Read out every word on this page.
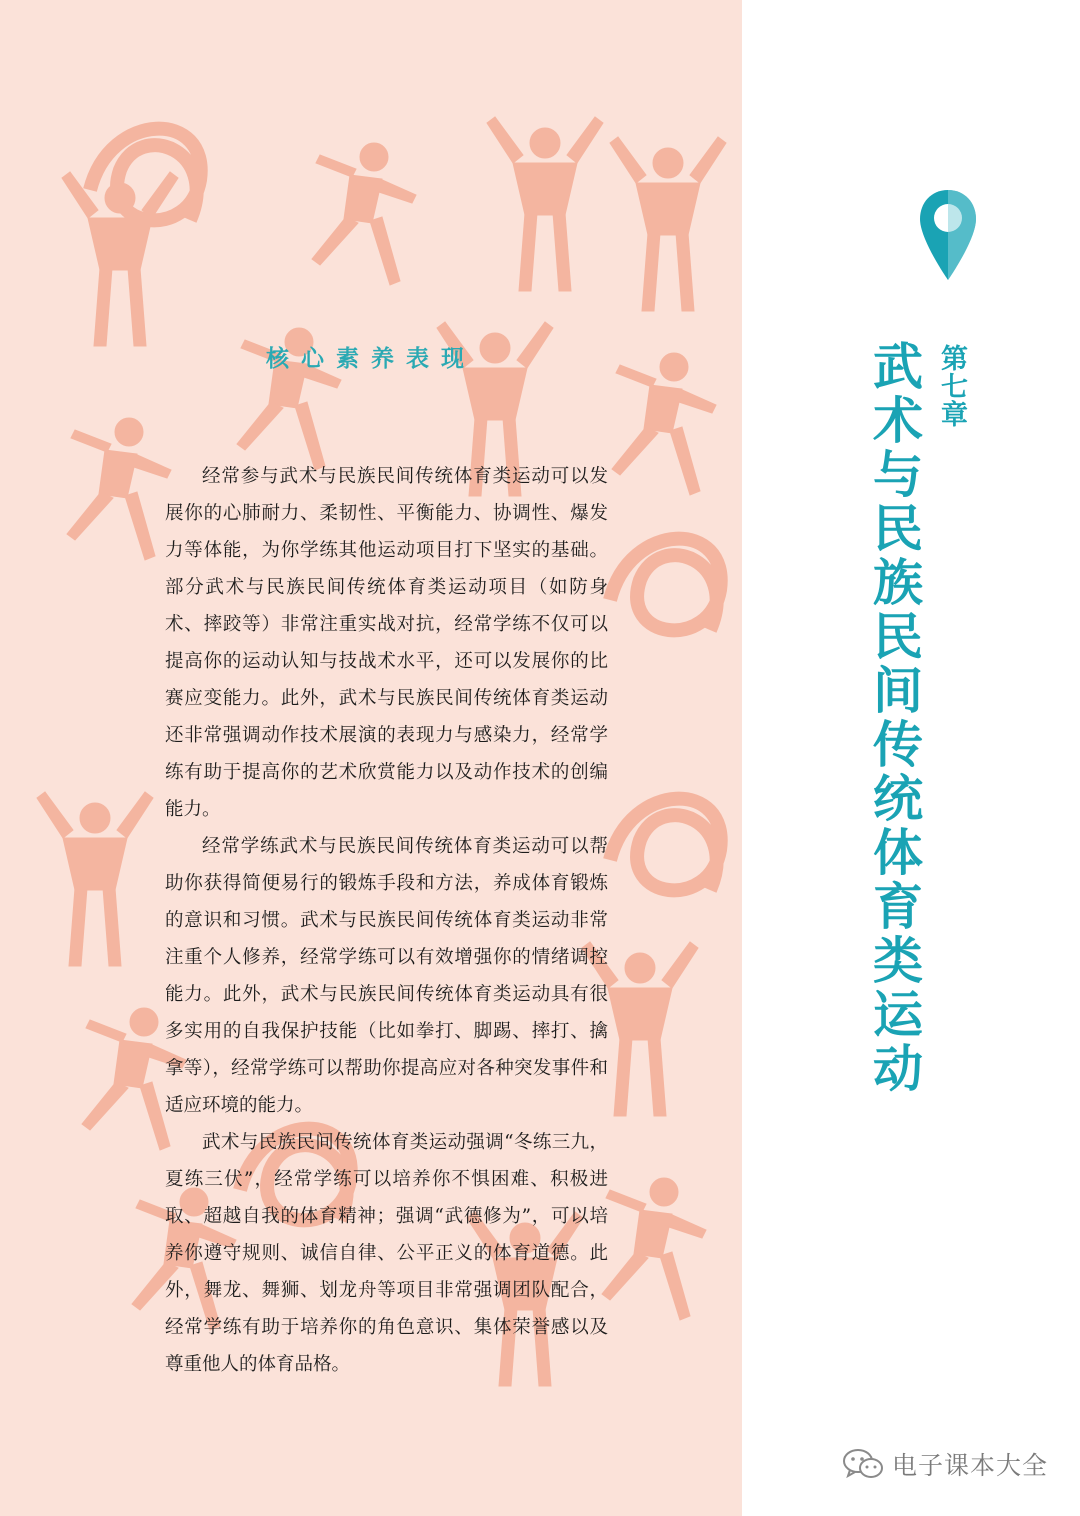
核心素养表现

经常参与武术与民族民间传统体育类运动可以发展你的心肺耐力、柔韧性、平衡能力、协调性、爆发力等体能，为你学练其他运动项目打下坚实的基础。部分武术与民族民间传统体育类运动项目（如防身术、摔跤等）非常注重实战对抗，经常学练不仅可以提高你的运动认知与技战术水平，还可以发展你的比赛应变能力。此外，武术与民族民间传统体育类运动还非常强调动作技术展演的表现力与感染力，经常学练有助于提高你的艺术欣赏能力以及动作技术的创编能力。

经常学练武术与民族民间传统体育类运动可以帮助你获得简便易行的锻炼手段和方法，养成体育锻炼的意识和习惯。武术与民族民间传统体育类运动非常注重个人修养，经常学练可以有效增强你的情绪调控能力。此外，武术与民族民间传统体育类运动具有很多实用的自我保护技能（比如拳打、脚踢、摔打、擒拿等），经常学练可以帮助你提高应对各种突发事件和适应环境的能力。

武术与民族民间传统体育类运动强调“冬练三九，夏练三伏”，经常学练可以培养你不惧困难、积极进取、超越自我的体育精神；强调“武德修为”，可以培养你遵守规则、诚信自律、公平正义的体育道德。此外，舞龙、舞狮、划龙舟等项目非常强调团队配合，经常学练有助于培养你的角色意识、集体荣誉感以及尊重他人的体育品格。

第七章
武术与民族民间传统体育类运动
电子课本大全
